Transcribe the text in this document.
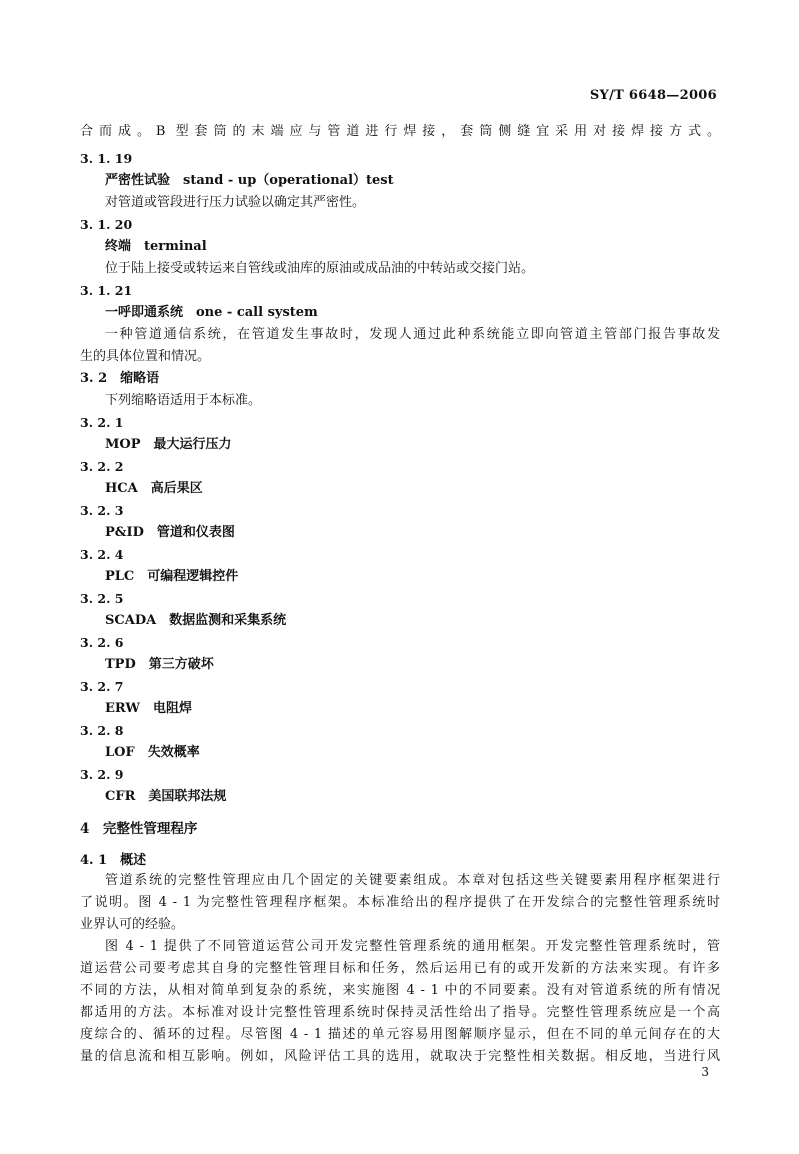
SY/T 6648—2006
合而成。B 型套筒的末端应与管道进行焊接，套筒侧缝宜采用对接焊接方式。
3. 1. 19
严密性试验　stand - up（operational）test
对管道或管段进行压力试验以确定其严密性。
3. 1. 20
终端　terminal
位于陆上接受或转运来自管线或油库的原油或成品油的中转站或交接门站。
3. 1. 21
一呼即通系统　one - call system
一种管道通信系统，在管道发生事故时，发现人通过此种系统能立即向管道主管部门报告事故发
生的具体位置和情况。
3. 2　缩略语
下列缩略语适用于本标准。
3. 2. 1
MOP　最大运行压力
3. 2. 2
HCA　高后果区
3. 2. 3
P&ID　管道和仪表图
3. 2. 4
PLC　可编程逻辑控件
3. 2. 5
SCADA　数据监测和采集系统
3. 2. 6
TPD　第三方破坏
3. 2. 7
ERW　电阻焊
3. 2. 8
LOF　失效概率
3. 2. 9
CFR　美国联邦法规
4　完整性管理程序
4. 1　概述
管道系统的完整性管理应由几个固定的关键要素组成。本章对包括这些关键要素用程序框架进行
了说明。图 4 - 1 为完整性管理程序框架。本标准给出的程序提供了在开发综合的完整性管理系统时
业界认可的经验。
图 4 - 1 提供了不同管道运营公司开发完整性管理系统的通用框架。开发完整性管理系统时，管
道运营公司要考虑其自身的完整性管理目标和任务，然后运用已有的或开发新的方法来实现。有许多
不同的方法，从相对简单到复杂的系统，来实施图 4 - 1 中的不同要素。没有对管道系统的所有情况
都适用的方法。本标准对设计完整性管理系统时保持灵活性给出了指导。完整性管理系统应是一个高
度综合的、循环的过程。尽管图 4 - 1 描述的单元容易用图解顺序显示，但在不同的单元间存在的大
量的信息流和相互影响。例如，风险评估工具的选用，就取决于完整性相关数据。相反地，当进行风
3
